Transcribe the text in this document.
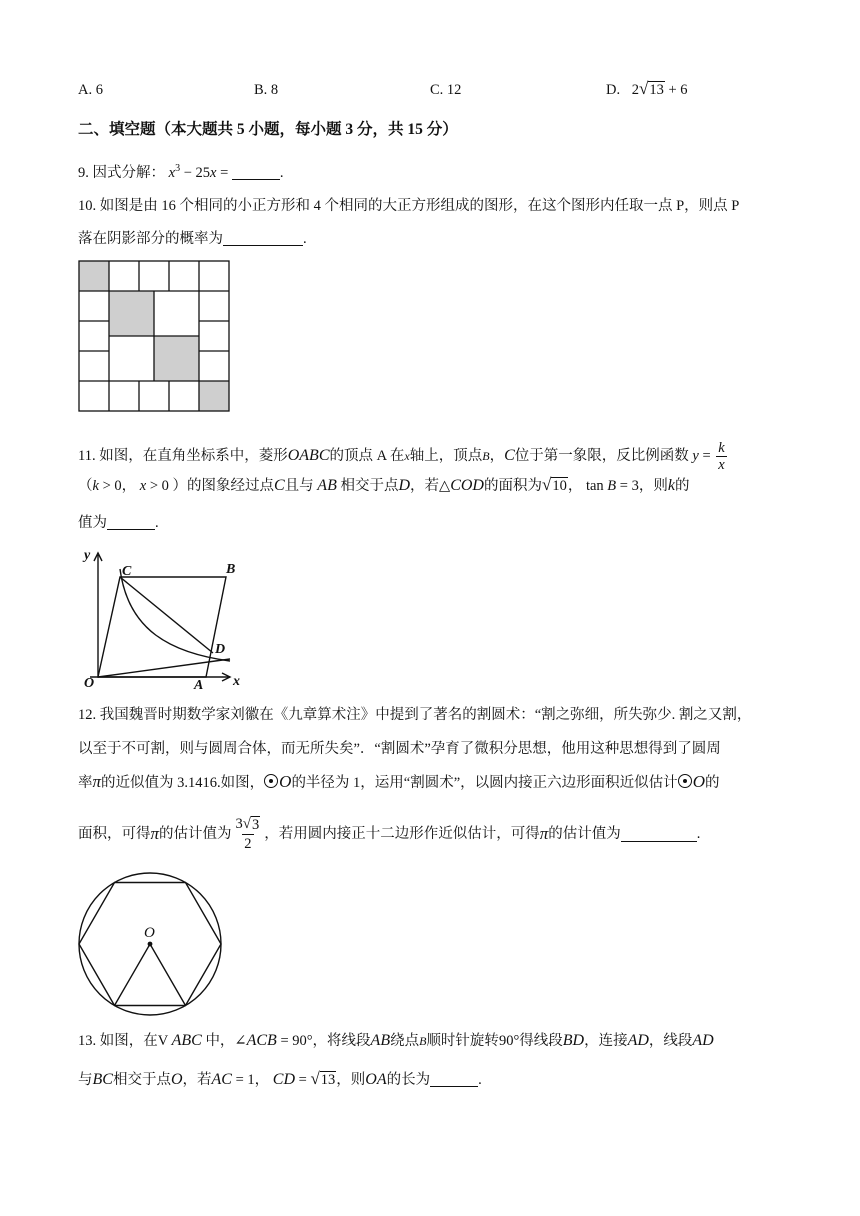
A. 6	B. 8	C. 12	D. 2 √ 13 + 6
二、填空题（本大题共 5 小题，每小题 3 分，共 15 分）
9. 因式分解： $x^3 - 25x$ =	.
10. 如图是由 16 个相同的小正方形和 4 个相同的大正方形组成的图形，在这个图形内任取一点 P，则点 P
落在阴影部分的概率为	.
11. 如图，在直角坐标系中，菱形OABC的顶点 A 在x轴上，顶点B，C位于第一象限，反比例函数 $y = \frac{k}{x}$
（k > 0， x > 0 ）的图象经过点C且与 AB 相交于点D，若△COD的面积为 √ 10 ， tan B = 3，则k的
值为	.
y
x
O	A
B
C
D
12. 我国魏晋时期数学家刘徽在《九章算术注》中提到了著名的割圆术：“割之弥细，所失弥少. 割之又割，
以至于不可割，则与圆周合体，而无所失矣”．“割圆术”孕育了微积分思想，他用这种思想得到了圆周
率π的近似值为 3.1416.如图， O的半径为 1，运用“割圆术”，以圆内接正六边形面积近似估计 O的
面积，可得 π 的估计值为 $\frac{3 √ 3}{2}$ ，若用圆内接正十二边形作近似估计，可得 π 的估计值为	.
O
13. 如图，在V ABC 中，∠ACB = 90°，将线段AB绕点B顺时针旋转90°得线段BD，连接AD，线段AD
与BC相交于点O，若AC = 1， CD = √ 13 ，则OA的长为	.
